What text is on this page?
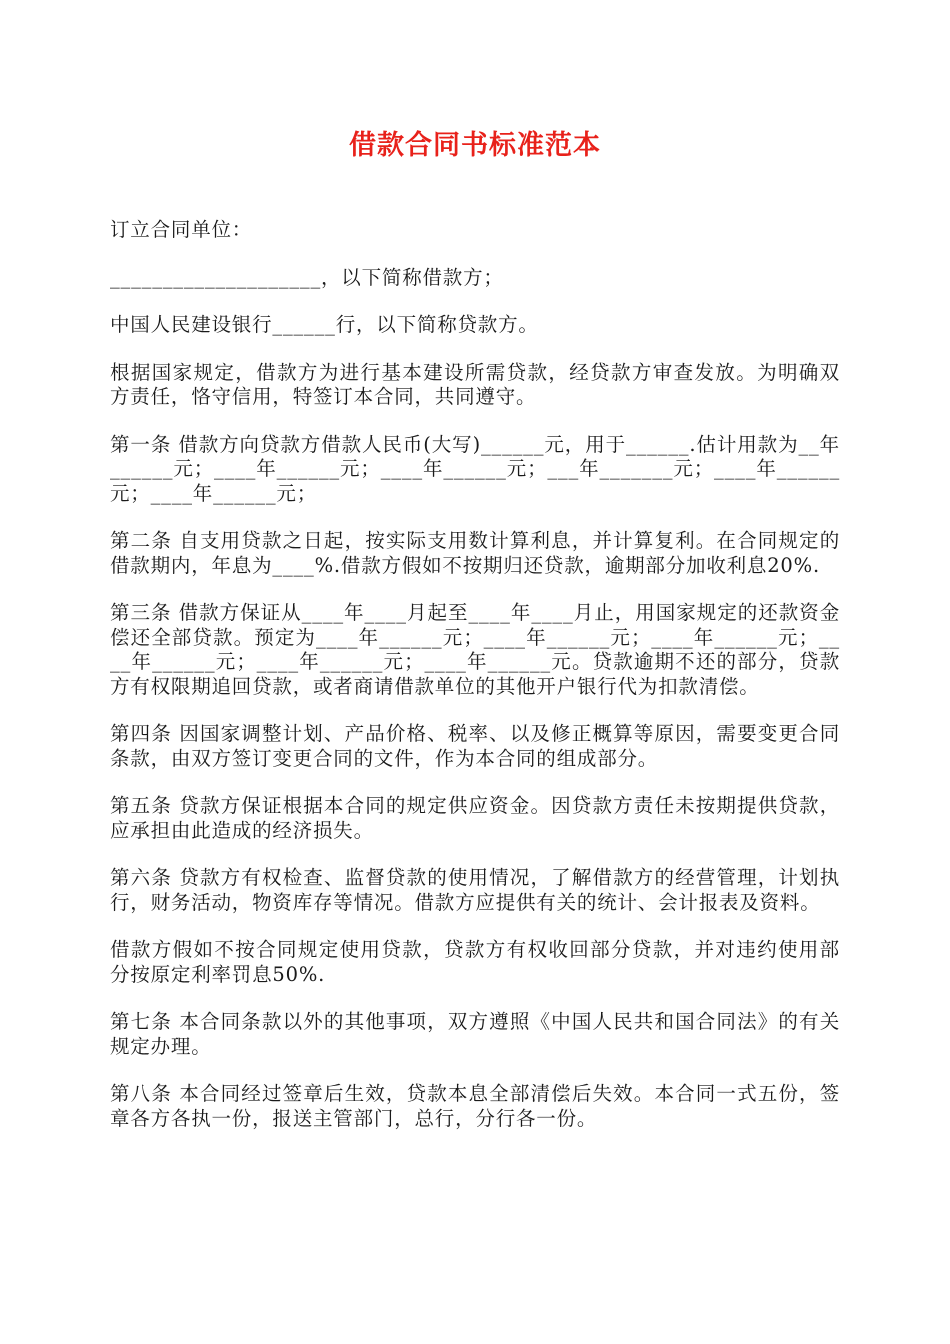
借款合同书标准范本

订立合同单位：

____________________，以下简称借款方；

中国人民建设银行______行，以下简称贷款方。

根据国家规定，借款方为进行基本建设所需贷款，经贷款方审查发放。为明确双方责任，恪守信用，特签订本合同，共同遵守。

第一条 借款方向贷款方借款人民币(大写)______元，用于______.估计用款为__年______元；____年______元；____年______元；___年_______元；____年______元；____年______元；

第二条 自支用贷款之日起，按实际支用数计算利息，并计算复利。在合同规定的借款期内，年息为____%.借款方假如不按期归还贷款，逾期部分加收利息20%.

第三条 借款方保证从____年____月起至____年____月止，用国家规定的还款资金偿还全部贷款。预定为____年______元；____年______元；____年______元；____年______元；____年______元；____年______元。贷款逾期不还的部分，贷款方有权限期追回贷款，或者商请借款单位的其他开户银行代为扣款清偿。

第四条 因国家调整计划、产品价格、税率、以及修正概算等原因，需要变更合同条款，由双方签订变更合同的文件，作为本合同的组成部分。

第五条 贷款方保证根据本合同的规定供应资金。因贷款方责任未按期提供贷款，应承担由此造成的经济损失。

第六条 贷款方有权检查、监督贷款的使用情况，了解借款方的经营管理，计划执行，财务活动，物资库存等情况。借款方应提供有关的统计、会计报表及资料。

借款方假如不按合同规定使用贷款，贷款方有权收回部分贷款，并对违约使用部分按原定利率罚息50%.

第七条 本合同条款以外的其他事项，双方遵照《中国人民共和国合同法》的有关规定办理。

第八条 本合同经过签章后生效，贷款本息全部清偿后失效。本合同一式五份，签章各方各执一份，报送主管部门，总行，分行各一份。
